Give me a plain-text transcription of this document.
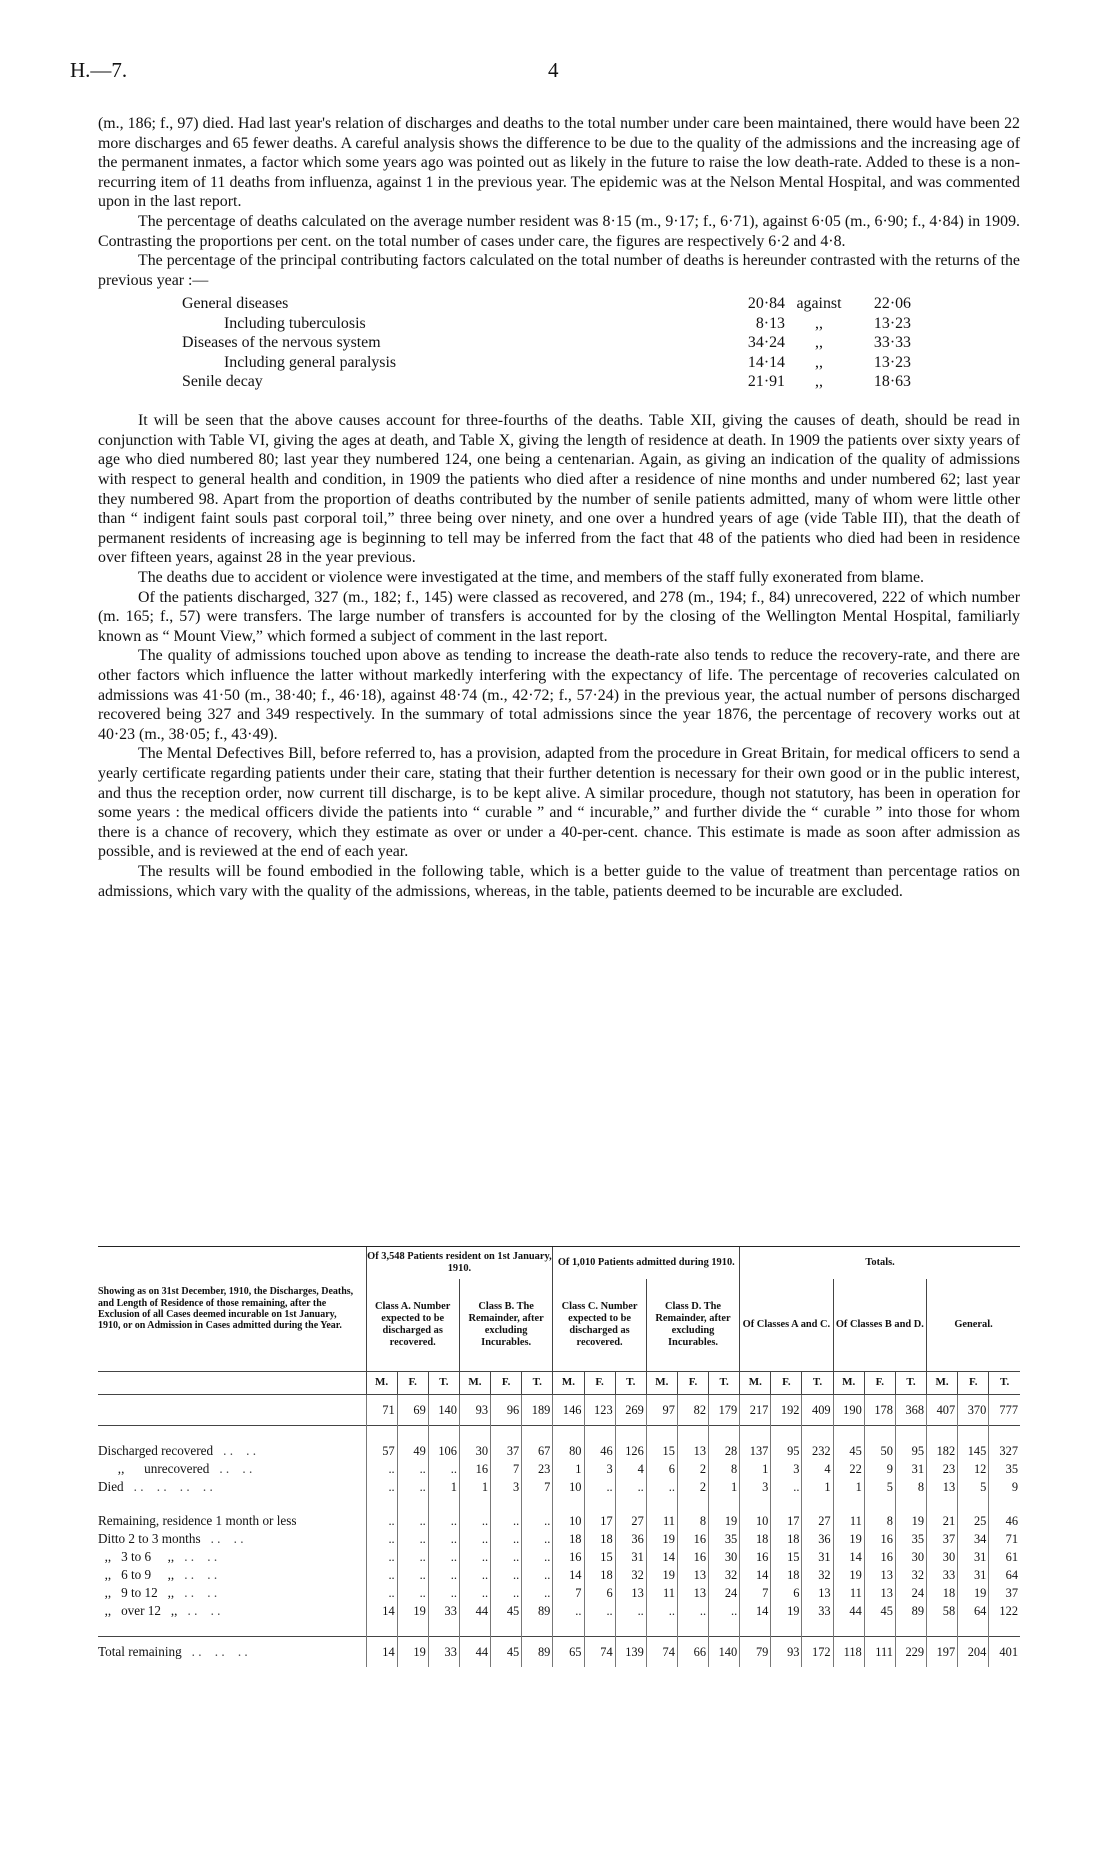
H.—7.	4

(m., 186; f., 97) died. Had last year's relation of discharges and deaths to the total number under care been maintained, there would have been 22 more discharges and 65 fewer deaths. A careful analysis shows the difference to be due to the quality of the admissions and the increasing age of the permanent inmates, a factor which some years ago was pointed out as likely in the future to raise the low death-rate. Added to these is a non-recurring item of 11 deaths from influenza, against 1 in the previous year. The epidemic was at the Nelson Mental Hospital, and was commented upon in the last report.

The percentage of deaths calculated on the average number resident was 8·15 (m., 9·17; f., 6·71), against 6·05 (m., 6·90; f., 4·84) in 1909. Contrasting the proportions per cent. on the total number of cases under care, the figures are respectively 6·2 and 4·8.

The percentage of the principal contributing factors calculated on the total number of deaths is hereunder contrasted with the returns of the previous year :—

General diseases	20·84 against	22·06
Including tuberculosis	8·13	,,	13·23
Diseases of the nervous system	34·24	,,	33·33
Including general paralysis	14·14	,,	13·23
Senile decay	21·91	,,	18·63

It will be seen that the above causes account for three-fourths of the deaths. Table XII, giving the causes of death, should be read in conjunction with Table VI, giving the ages at death, and Table X, giving the length of residence at death. In 1909 the patients over sixty years of age who died numbered 80; last year they numbered 124, one being a centenarian. Again, as giving an indication of the quality of admissions with respect to general health and condition, in 1909 the patients who died after a residence of nine months and under numbered 62; last year they numbered 98. Apart from the proportion of deaths contributed by the number of senile patients admitted, many of whom were little other than “ indigent faint souls past corporal toil,” three being over ninety, and one over a hundred years of age (vide Table III), that the death of permanent residents of increasing age is beginning to tell may be inferred from the fact that 48 of the patients who died had been in residence over fifteen years, against 28 in the year previous.

The deaths due to accident or violence were investigated at the time, and members of the staff fully exonerated from blame.

Of the patients discharged, 327 (m., 182; f., 145) were classed as recovered, and 278 (m., 194; f., 84) unrecovered, 222 of which number (m. 165; f., 57) were transfers. The large number of transfers is accounted for by the closing of the Wellington Mental Hospital, familiarly known as “ Mount View,” which formed a subject of comment in the last report.

The quality of admissions touched upon above as tending to increase the death-rate also tends to reduce the recovery-rate, and there are other factors which influence the latter without markedly interfering with the expectancy of life. The percentage of recoveries calculated on admissions was 41·50 (m., 38·40; f., 46·18), against 48·74 (m., 42·72; f., 57·24) in the previous year, the actual number of persons discharged recovered being 327 and 349 respectively. In the summary of total admissions since the year 1876, the percentage of recovery works out at 40·23 (m., 38·05; f., 43·49).

The Mental Defectives Bill, before referred to, has a provision, adapted from the procedure in Great Britain, for medical officers to send a yearly certificate regarding patients under their care, stating that their further detention is necessary for their own good or in the public interest, and thus the reception order, now current till discharge, is to be kept alive. A similar procedure, though not statutory, has been in operation for some years : the medical officers divide the patients into “ curable ” and “ incurable,” and further divide the “ curable ” into those for whom there is a chance of recovery, which they estimate as over or under a 40-per-cent. chance. This estimate is made as soon after admission as possible, and is reviewed at the end of each year.

The results will be found embodied in the following table, which is a better guide to the value of treatment than percentage ratios on admissions, which vary with the quality of the admissions, whereas, in the table, patients deemed to be incurable are excluded.

Showing as on 31st December, 1910, the Discharges, Deaths, and Length of Residence of those remaining, after the Exclusion of all Cases deemed incurable on 1st January, 1910, or on Admission in Cases admitted during the Year.	Of 3,548 Patients resident on 1st January, 1910.						Of 1,010 Patients admitted during 1910.						Totals.								
	Class A. Number expected to be discharged as recovered.			Class B. The Remainder, after excluding Incurables.			Class C. Number expected to be discharged as recovered.			Class D. The Remainder, after excluding Incurables.			Of Classes A and C.			Of Classes B and D.			General.		
	M.	F.	T.	M.	F.	T.	M.	F.	T.	M.	F.	T.	M.	F.	T.	M.	F.	T.	M.	F.	T.
	71	69	140	93	96	189	146	123	269	97	82	179	217	192	409	190	178	368	407	370	777

Discharged recovered . .    . .	57	49	106	30	37	67	80	46	126	15	13	28	137	95	232	45	50	95	182	145	327
,,      unrecovered . .    . .	..	..	..	16	7	23	1	3	4	6	2	8	1	3	4	22	9	31	23	12	35
Died . .    . .    . .    . .	..	..	1	1	3	7	10	..	..	..	2	1	3	..	1	1	5	8	13	5	9

Remaining, residence 1 month or less	..	..	..	..	..	..	10	17	27	11	8	19	10	17	27	11	8	19	21	25	46
Ditto 2 to 3 months . .    . .	..	..	..	..	..	..	18	18	36	19	16	35	18	18	36	19	16	35	37	34	71
,,   3 to 6     ,, . .    . .	..	..	..	..	..	..	16	15	31	14	16	30	16	15	31	14	16	30	30	31	61
,,   6 to 9     ,, . .    . .	..	..	..	..	..	..	14	18	32	19	13	32	14	18	32	19	13	32	33	31	64
,,   9 to 12   ,, . .    . .	..	..	..	..	..	..	7	6	13	11	13	24	7	6	13	11	13	24	18	19	37
,,   over 12   ,, . .    . .	14	19	33	44	45	89	..	..	..	..	..	..	14	19	33	44	45	89	58	64	122

Total remaining . .    . .    . .	14	19	33	44	45	89	65	74	139	74	66	140	79	93	172	118	111	229	197	204	401
